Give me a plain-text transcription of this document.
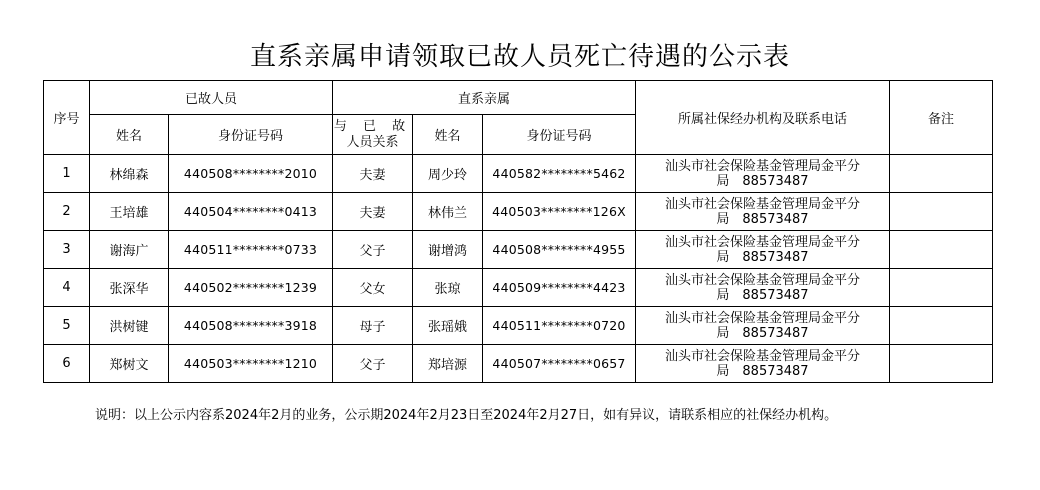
直系亲属申请领取已故人员死亡待遇的公示表
序号	已故人员		直系亲属			所属社保经办机构及联系电话	备注
	姓名	身份证号码	与 已 故
人员关系	姓名	身份证号码		
1	林绵森	440508********2010	夫妻	周少玲	440582********5462	汕头市社会保险基金管理局金平分
局　88573487	

2	王培雄	440504********0413	夫妻	林伟兰	440503********126X	汕头市社会保险基金管理局金平分
局　88573487	

3	谢海广	440511********0733	父子	谢增鸿	440508********4955	汕头市社会保险基金管理局金平分
局　88573487	

4	张深华	440502********1239	父女	张琼	440509********4423	汕头市社会保险基金管理局金平分
局　88573487	

5	洪树键	440508********3918	母子	张瑶娥	440511********0720	汕头市社会保险基金管理局金平分
局　88573487	

6	郑树文	440503********1210	父子	郑培源	440507********0657	汕头市社会保险基金管理局金平分
局　88573487	

说明：以上公示内容系2024年2月的业务，公示期2024年2月23日至2024年2月27日，如有异议，请联系相应的社保经办机构。
